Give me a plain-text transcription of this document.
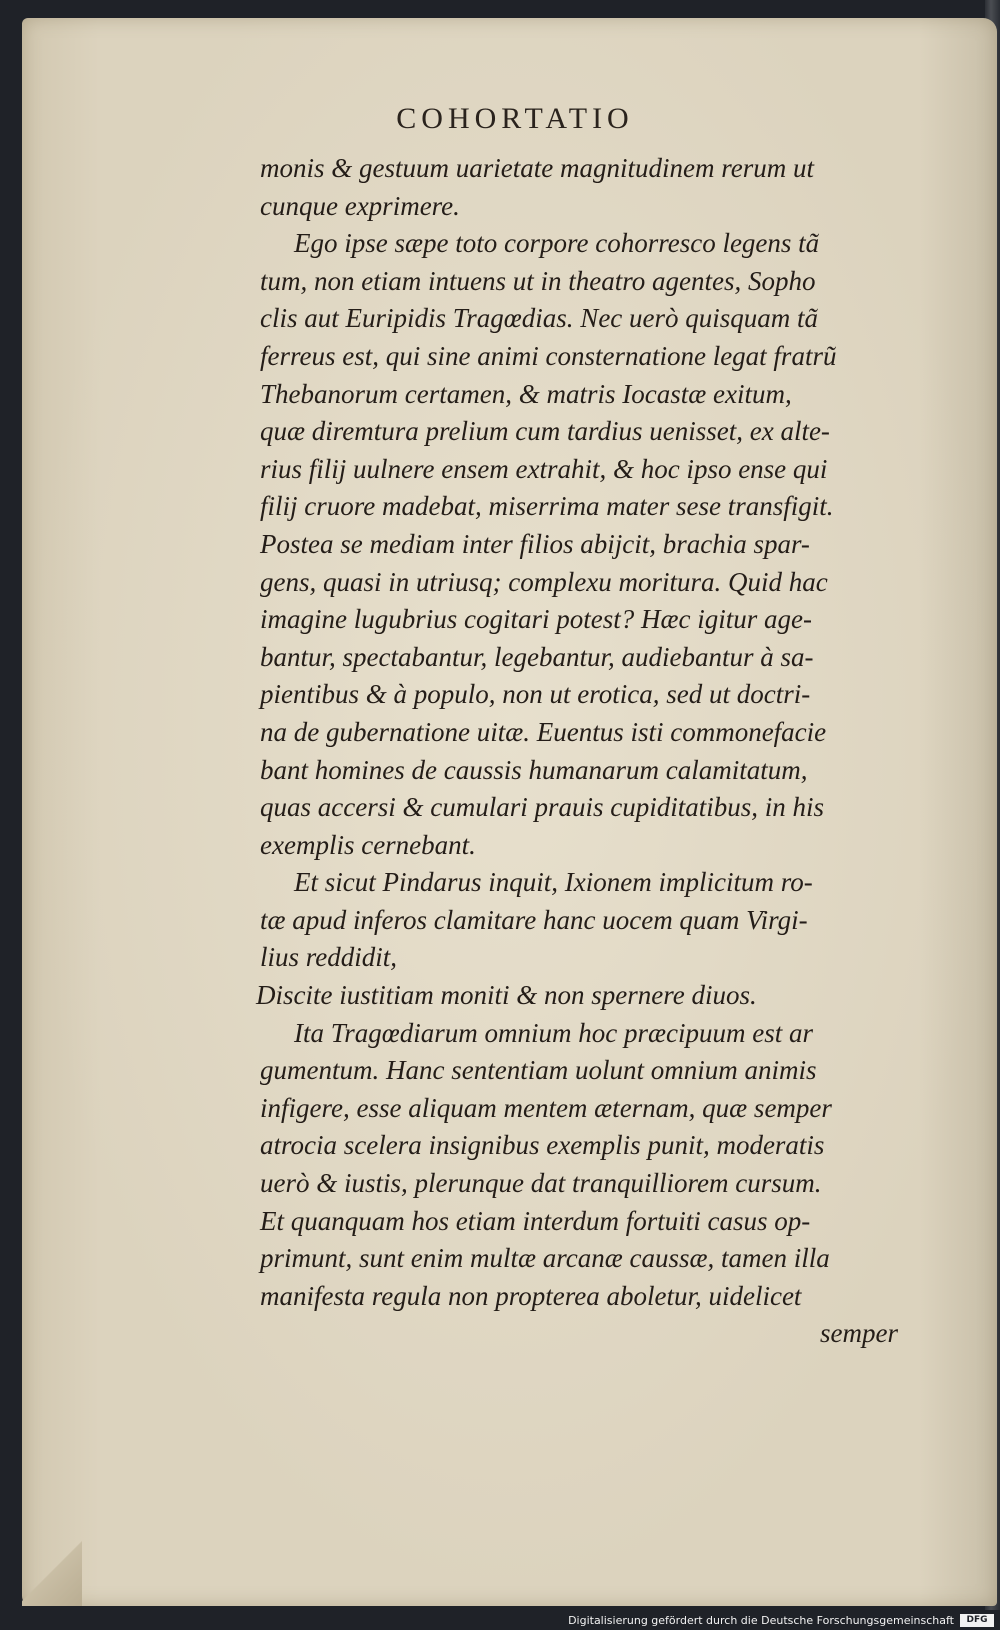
COHORTATIO
monis & gestuum uarietate magnitudinem rerum ut
cunque exprimere.
Ego ipse sæpe toto corpore cohorresco legens tã
tum, non etiam intuens ut in theatro agentes, Sopho
clis aut Euripidis Tragœdias. Nec uerò quisquam tã
ferreus est, qui sine animi consternatione legat fratrũ
Thebanorum certamen, & matris Iocastæ exitum,
quæ diremtura prelium cum tardius uenisset, ex alte-
rius filij uulnere ensem extrahit, & hoc ipso ense qui
filij cruore madebat, miserrima mater sese transfigit.
Postea se mediam inter filios abijcit, brachia spar-
gens, quasi in utriusq; complexu moritura. Quid hac
imagine lugubrius cogitari potest? Hæc igitur age-
bantur, spectabantur, legebantur, audiebantur à sa-
pientibus & à populo, non ut erotica, sed ut doctri-
na de gubernatione uitæ. Euentus isti commonefacie
bant homines de caussis humanarum calamitatum,
quas accersi & cumulari prauis cupiditatibus, in his
exemplis cernebant.
Et sicut Pindarus inquit, Ixionem implicitum ro-
tæ apud inferos clamitare hanc uocem quam Virgi-
lius reddidit,
Discite iustitiam moniti & non spernere diuos.
Ita Tragœdiarum omnium hoc præcipuum est ar
gumentum. Hanc sententiam uolunt omnium animis
infigere, esse aliquam mentem æternam, quæ semper
atrocia scelera insignibus exemplis punit, moderatis
uerò & iustis, plerunque dat tranquilliorem cursum.
Et quanquam hos etiam interdum fortuiti casus op-
primunt, sunt enim multæ arcanæ caussæ, tamen illa
manifesta regula non propterea aboletur, uidelicet
semper
Digitalisierung gefördert durch die Deutsche Forschungsgemeinschaft	DFG
